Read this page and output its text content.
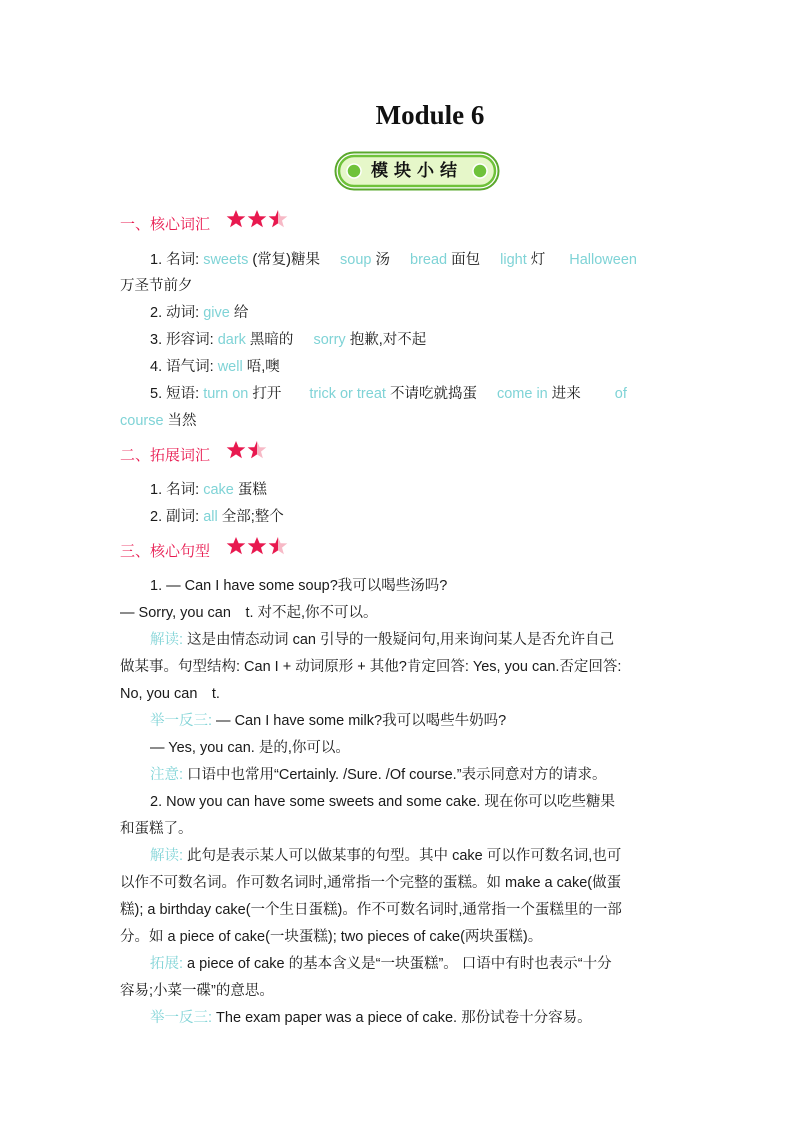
Module 6
模块小结
一、核心词汇
1. 名词: sweets (常复)糖果 soup 汤 bread 面包 light 灯 Halloween
万圣节前夕
2. 动词: give 给
3. 形容词: dark 黑暗的 sorry 抱歉,对不起
4. 语气词: well 唔,噢
5. 短语: turn on 打开 trick or treat 不请吃就捣蛋 come in 进来 of
course 当然
二、拓展词汇
1. 名词: cake 蛋糕
2. 副词: all 全部;整个
三、核心句型
1. — Can I have some soup?我可以喝些汤吗?
— Sorry, you can　t. 对不起,你不可以。
解读: 这是由情态动词 can 引导的一般疑问句,用来询问某人是否允许自己
做某事。句型结构: Can I + 动词原形 + 其他?肯定回答: Yes, you can.否定回答:
No, you can　t.
举一反三: — Can I have some milk?我可以喝些牛奶吗?
— Yes, you can. 是的,你可以。
注意: 口语中也常用“Certainly. /Sure. /Of course.”表示同意对方的请求。
2. Now you can have some sweets and some cake. 现在你可以吃些糖果
和蛋糕了。
解读: 此句是表示某人可以做某事的句型。其中 cake 可以作可数名词,也可
以作不可数名词。作可数名词时,通常指一个完整的蛋糕。如 make a cake(做蛋
糕); a birthday cake(一个生日蛋糕)。作不可数名词时,通常指一个蛋糕里的一部
分。如 a piece of cake(一块蛋糕); two pieces of cake(两块蛋糕)。
拓展: a piece of cake 的基本含义是“一块蛋糕”。 口语中有时也表示“十分
容易;小菜一碟”的意思。
举一反三: The exam paper was a piece of cake. 那份试卷十分容易。
